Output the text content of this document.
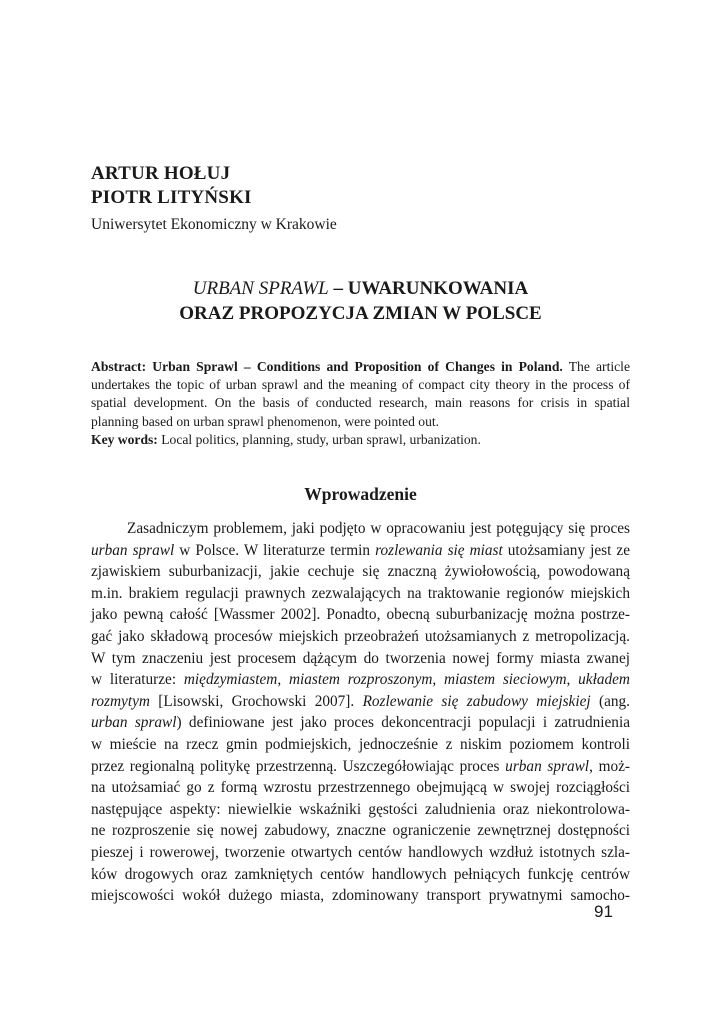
ARTUR HOŁUJ

PIOTR LITYŃSKI

Uniwersytet Ekonomiczny w Krakowie
URBAN SPRAWL – UWARUNKOWANIA
ORAZ PROPOZYCJA ZMIAN W POLSCE

Abstract: Urban Sprawl – Conditions and Proposition of Changes in Poland. The article undertakes the topic of urban sprawl and the meaning of compact city theory in the process of spatial development. On the basis of conducted research, main reasons for crisis in spatial planning based on urban sprawl phenomenon, were pointed out.

Key words: Local politics, planning, study, urban sprawl, urbanization.

Wprowadzenie
Zasadniczym problemem, jaki podjęto w opracowaniu jest potęgujący się proces
urban sprawl w Polsce. W literaturze termin rozlewania się miast utożsamiany jest ze
zjawiskiem suburbanizacji, jakie cechuje się znaczną żywiołowością, powodowaną
m.in. brakiem regulacji prawnych zezwalających na traktowanie regionów miejskich
jako pewną całość [Wassmer 2002]. Ponadto, obecną suburbanizację można postrze-
gać jako składową procesów miejskich przeobrażeń utożsamianych z metropolizacją.
W tym znaczeniu jest procesem dążącym do tworzenia nowej formy miasta zwanej
w literaturze: międzymiastem, miastem rozproszonym, miastem sieciowym, układem
rozmytym [Lisowski, Grochowski 2007]. Rozlewanie się zabudowy miejskiej (ang.
urban sprawl) definiowane jest jako proces dekoncentracji populacji i zatrudnienia
w mieście na rzecz gmin podmiejskich, jednocześnie z niskim poziomem kontroli
przez regionalną politykę przestrzenną. Uszczegółowiając proces urban sprawl, moż-
na utożsamiać go z formą wzrostu przestrzennego obejmującą w swojej rozciągłości
następujące aspekty: niewielkie wskaźniki gęstości zaludnienia oraz niekontrolowa-
ne rozproszenie się nowej zabudowy, znaczne ograniczenie zewnętrznej dostępności
pieszej i rowerowej, tworzenie otwartych centów handlowych wzdłuż istotnych szla-
ków drogowych oraz zamkniętych centów handlowych pełniących funkcję centrów
miejscowości wokół dużego miasta, zdominowany transport prywatnymi samocho-
91
